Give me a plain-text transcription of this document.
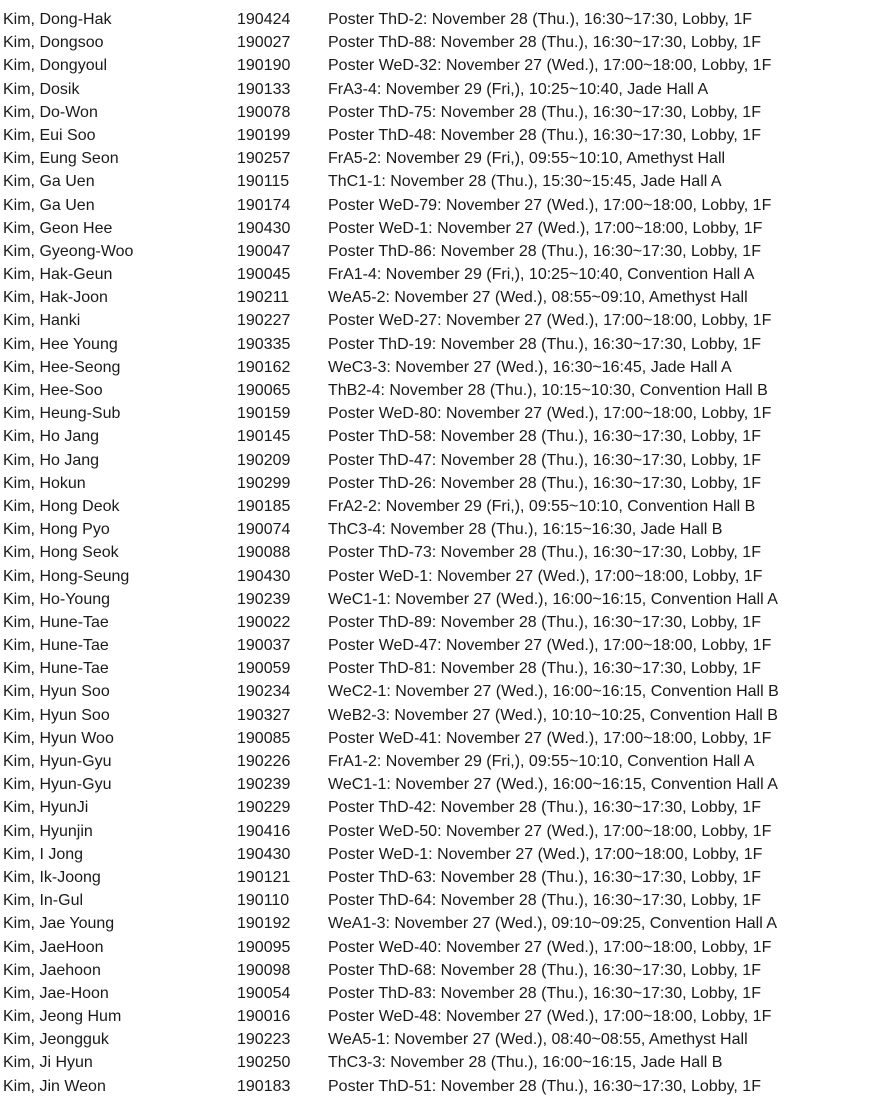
Kim, Dong-Hak	190424 Poster ThD-2: November 28 (Thu.), 16:30~17:30, Lobby, 1F
Kim, Dongsoo	190027 Poster ThD-88: November 28 (Thu.), 16:30~17:30, Lobby, 1F
Kim, Dongyoul	190190 Poster WeD-32: November 27 (Wed.), 17:00~18:00, Lobby, 1F
Kim, Dosik	190133 FrA3-4: November 29 (Fri,), 10:25~10:40, Jade Hall A
Kim, Do-Won	190078 Poster ThD-75: November 28 (Thu.), 16:30~17:30, Lobby, 1F
Kim, Eui Soo	190199 Poster ThD-48: November 28 (Thu.), 16:30~17:30, Lobby, 1F
Kim, Eung Seon	190257 FrA5-2: November 29 (Fri,), 09:55~10:10, Amethyst Hall
Kim, Ga Uen	190115 ThC1-1: November 28 (Thu.), 15:30~15:45, Jade Hall A
Kim, Ga Uen	190174 Poster WeD-79: November 27 (Wed.), 17:00~18:00, Lobby, 1F
Kim, Geon Hee	190430 Poster WeD-1: November 27 (Wed.), 17:00~18:00, Lobby, 1F
Kim, Gyeong-Woo	190047 Poster ThD-86: November 28 (Thu.), 16:30~17:30, Lobby, 1F
Kim, Hak-Geun	190045 FrA1-4: November 29 (Fri,), 10:25~10:40, Convention Hall A
Kim, Hak-Joon	190211 WeA5-2: November 27 (Wed.), 08:55~09:10, Amethyst Hall
Kim, Hanki	190227 Poster WeD-27: November 27 (Wed.), 17:00~18:00, Lobby, 1F
Kim, Hee Young	190335 Poster ThD-19: November 28 (Thu.), 16:30~17:30, Lobby, 1F
Kim, Hee-Seong	190162 WeC3-3: November 27 (Wed.), 16:30~16:45, Jade Hall A
Kim, Hee-Soo	190065 ThB2-4: November 28 (Thu.), 10:15~10:30, Convention Hall B
Kim, Heung-Sub	190159 Poster WeD-80: November 27 (Wed.), 17:00~18:00, Lobby, 1F
Kim, Ho Jang	190145 Poster ThD-58: November 28 (Thu.), 16:30~17:30, Lobby, 1F
Kim, Ho Jang	190209 Poster ThD-47: November 28 (Thu.), 16:30~17:30, Lobby, 1F
Kim, Hokun	190299 Poster ThD-26: November 28 (Thu.), 16:30~17:30, Lobby, 1F
Kim, Hong Deok	190185 FrA2-2: November 29 (Fri,), 09:55~10:10, Convention Hall B
Kim, Hong Pyo	190074 ThC3-4: November 28 (Thu.), 16:15~16:30, Jade Hall B
Kim, Hong Seok	190088 Poster ThD-73: November 28 (Thu.), 16:30~17:30, Lobby, 1F
Kim, Hong-Seung	190430 Poster WeD-1: November 27 (Wed.), 17:00~18:00, Lobby, 1F
Kim, Ho-Young	190239 WeC1-1: November 27 (Wed.), 16:00~16:15, Convention Hall A
Kim, Hune-Tae	190022 Poster ThD-89: November 28 (Thu.), 16:30~17:30, Lobby, 1F
Kim, Hune-Tae	190037 Poster WeD-47: November 27 (Wed.), 17:00~18:00, Lobby, 1F
Kim, Hune-Tae	190059 Poster ThD-81: November 28 (Thu.), 16:30~17:30, Lobby, 1F
Kim, Hyun Soo	190234 WeC2-1: November 27 (Wed.), 16:00~16:15, Convention Hall B
Kim, Hyun Soo	190327 WeB2-3: November 27 (Wed.), 10:10~10:25, Convention Hall B
Kim, Hyun Woo	190085 Poster WeD-41: November 27 (Wed.), 17:00~18:00, Lobby, 1F
Kim, Hyun-Gyu	190226 FrA1-2: November 29 (Fri,), 09:55~10:10, Convention Hall A
Kim, Hyun-Gyu	190239 WeC1-1: November 27 (Wed.), 16:00~16:15, Convention Hall A
Kim, HyunJi	190229 Poster ThD-42: November 28 (Thu.), 16:30~17:30, Lobby, 1F
Kim, Hyunjin	190416 Poster WeD-50: November 27 (Wed.), 17:00~18:00, Lobby, 1F
Kim, I Jong	190430 Poster WeD-1: November 27 (Wed.), 17:00~18:00, Lobby, 1F
Kim, Ik-Joong	190121 Poster ThD-63: November 28 (Thu.), 16:30~17:30, Lobby, 1F
Kim, In-Gul	190110 Poster ThD-64: November 28 (Thu.), 16:30~17:30, Lobby, 1F
Kim, Jae Young	190192 WeA1-3: November 27 (Wed.), 09:10~09:25, Convention Hall A
Kim, JaeHoon	190095 Poster WeD-40: November 27 (Wed.), 17:00~18:00, Lobby, 1F
Kim, Jaehoon	190098 Poster ThD-68: November 28 (Thu.), 16:30~17:30, Lobby, 1F
Kim, Jae-Hoon	190054 Poster ThD-83: November 28 (Thu.), 16:30~17:30, Lobby, 1F
Kim, Jeong Hum	190016 Poster WeD-48: November 27 (Wed.), 17:00~18:00, Lobby, 1F
Kim, Jeongguk	190223 WeA5-1: November 27 (Wed.), 08:40~08:55, Amethyst Hall
Kim, Ji Hyun	190250 ThC3-3: November 28 (Thu.), 16:00~16:15, Jade Hall B
Kim, Jin Weon	190183 Poster ThD-51: November 28 (Thu.), 16:30~17:30, Lobby, 1F
